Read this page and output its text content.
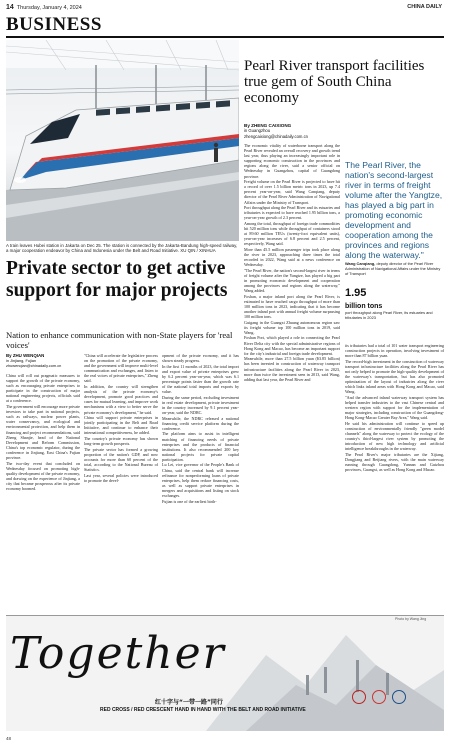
14 Thursday, January 4, 2024	CHINA DAILY
BUSINESS
A train leaves Hubei station in Jakarta on Dec 25. The station is connected by the Jakarta-Bandung high-speed railway, a major cooperation endeavor by China and Indonesia under the Belt and Road Initiative. XU QIN / XINHUA
Pearl River transport facilities true gem of South China economy
By ZHENG CAIXIONG
in Guangzhou
zhengcaixiong@chinadaily.com.cn

The economic vitality of waterborne transport along the Pearl River revealed an overall recovery and growth trend last year, thus playing an increasingly important role in supporting economic construction in the provinces and regions along the river, said a senior official on Wednesday in Guangzhou, capital of Guangdong province.

Freight volume on the Pearl River is projected to have hit a record of over 1.5 billion metric tons in 2023, up 7.4 percent year-on-year, said Wang Canqiang, deputy director of the Pearl River Administration of Navigational Affairs under the Ministry of Transport.

Port throughput along the Pearl River and its estuaries and tributaries is expected to have reached 1.95 billion tons, a year-on-year growth of 2.3 percent.

Among the total, throughput of foreign trade commodities hit 520 million tons while throughput of containers stood at 89.60 million TEUs (twenty-foot equivalent units), year-on-year increases of 6.8 percent and 2.5 percent, respectively, Wang said.

More than 45.5 million passenger trips took place along the river in 2023, approaching three times the total recorded in 2022, Wang said at a news conference on Wednesday.

"The Pearl River, the nation's second-largest river in terms of freight volume after the Yangtze, has played a big part in promoting economic development and cooperation among the provinces and regions along the waterway," Wang added.

Foshan, a major inland port along the Pearl River, is estimated to have reached cargo throughput of more than 100 million tons in 2023, indicating that it has become another inland port with annual freight volume surpassing 100 million tons.

Guigang in the Guangxi Zhuang autonomous region saw its freight volume top 100 million tons in 2019, said Wang.

Foshan Port, which played a role in connecting the Pearl River Delta city with the special administrative regions of Hong Kong and Macao, has become an important support for the city's industrial and foreign trade development.

Meanwhile, more than 27.5 billion yuan ($3.85 billion) has been invested in construction of waterway transport infrastructure facilities along the Pearl River in 2023, more than twice the investment seen in 2013, said Wang, adding that last year, the Pearl River and

The Pearl River, the nation's second-largest river in terms of freight volume after the Yangtze, has played a big part in promoting economic development and cooperation among the provinces and regions along the waterway."
Wang Canqiang, deputy director of the Pearl River Administration of Navigational Affairs under the Ministry of Transport
1.95
billion tons
port throughput along Pearl River, its estuaries and tributaries in 2023

its tributaries had a total of 101 water transport engineering construction projects in operation, involving investment of more than 87 billion yuan.

The record-high investment in the construction of waterway transport infrastructure facilities along the Pearl River has not only helped to promote the high-quality development of the waterway's transportation, but has also promoted optimization of the layout of industries along the river which links inland areas with Hong Kong and Macao, said Wang.

"And the advanced inland waterway transport system has helped transfer industries to the vast Chinese central and western region with support for the implementation of major strategies, including construction of the Guangdong-Hong Kong-Macao Greater Bay Area," Wang said.

He said his administration will continue to speed up construction of environmentally friendly "green model channels" along the waterway to protect the ecology of the country's third-largest river system by promoting the introduction of new high technology and artificial intelligence breakthroughs in the waterway.

The Pearl River's major tributaries are the Xijiang, Dongjiang and Beijiang rivers, with the main waterway running through Guangdong, Yunnan and Guizhou provinces, Guangxi, as well as Hong Kong and Macao.

Private sector to get active support for major projects
Nation to enhance communication with non-State players for 'real voices'
By ZHU WENQIAN
in Jinjiang, Fujian
zhuwenqian@chinadaily.com.cn

China will roll out pragmatic measures to support the growth of the private economy, such as encouraging private enterprises to participate in the construction of major national engineering projects, officials said at a conference.

The government will encourage more private investors to take part in national projects, such as railways, nuclear power plants, water conservancy, and ecological and environmental protection, and help them in financing and project recommendations, said Zheng Shanjie, head of the National Development and Reform Commission, China's top economic regulator, during the conference in Jinjiang, East China's Fujian province.

The two-day event that concluded on Wednesday focused on promoting high-quality development of the private economy, and drawing on the experience of Jinjiang, a city that became prosperous after its private economy boomed.

"China will accelerate the legislative process on the promotion of the private economy, and the government will improve multi-level communication and exchanges, and listen to the real voices of private enterprises," Zheng said.

In addition, the country will strengthen analysis of the private economy's development, promote good practices and cases for mutual learning, and improve work mechanisms with a view to better serve the private economy's development," he said.

China will support private enterprises in jointly participating in the Belt and Road Initiative, and continue to enhance their international competitiveness, he added.

The country's private economy has shown long-term growth prospects.

The private sector has formed a growing proportion of the nation's GDP, and now accounts for more than 60 percent of the total, according to the National Bureau of Statistics.

Last year, several policies were introduced to promote the devel-

opment of the private economy, and it has shown steady progress.

In the first 11 months of 2023, the total import and export value of private enterprises grew by 6.2 percent year-on-year, which was 6.1 percentage points faster than the growth rate of the national total imports and exports by value.

During the same period, excluding investment in real estate development, private investment in the country increased by 9.1 percent year-on-year, said the NDRC.

Meanwhile, the NDRC released a national financing credit service platform during the conference.

The platform aims to assist in intelligent matching of financing needs of private enterprises and the products of financial institutions. It also recommended 200 key national projects for private capital participation.

Lu Lei, vice governor of the People's Bank of China, said the central bank will increase refinance for nonperforming loans of private enterprises, help them reduce financing costs, as well as support private enterprises in mergers and acquisitions and listing on stock exchanges.

Fujian is one of the earliest birth-

Together
红十字与“一带一路”同行
RED CROSS / RED CRESCENT HAND IN HAND WITH THE BELT AND ROAD INITIATIVE
Photo by Wang Jing
48
